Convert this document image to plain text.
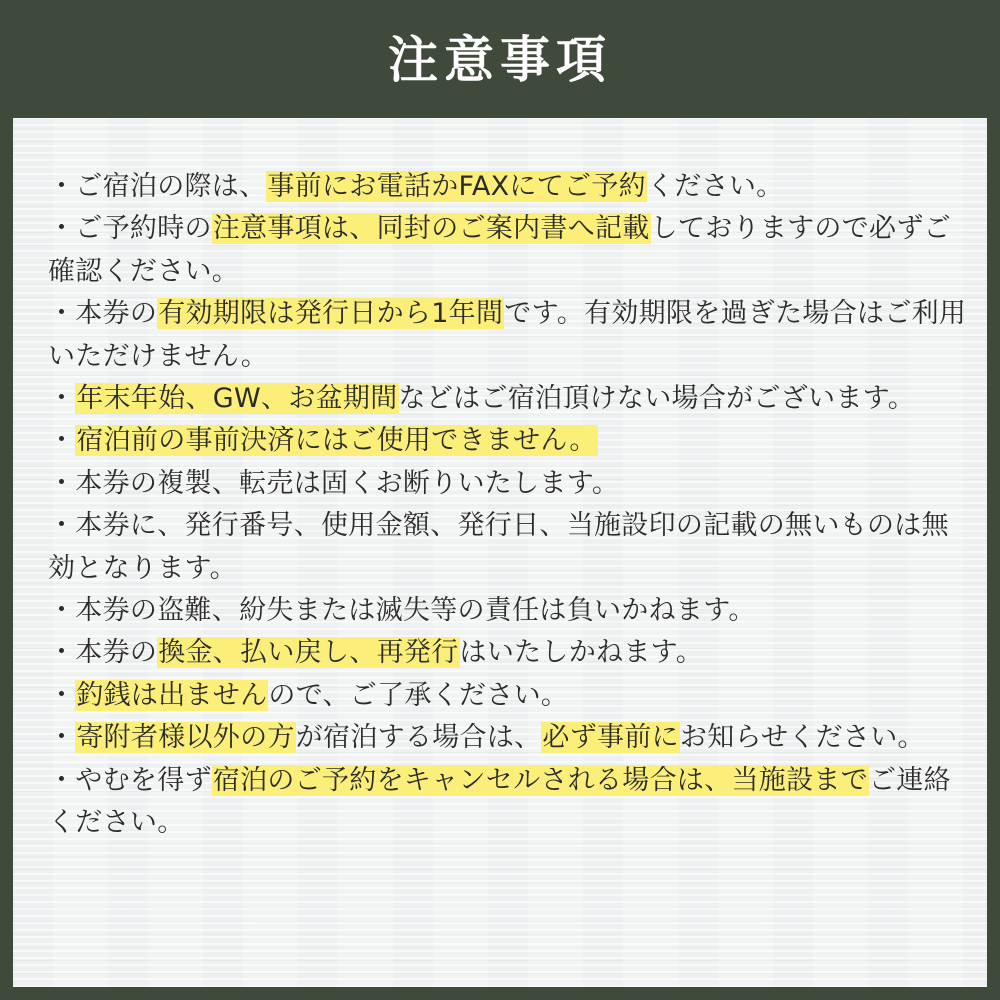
注意事項
・ご宿泊の際は、事前にお電話かFAXにてご予約ください。
・ご予約時の注意事項は、同封のご案内書へ記載しておりますので必ずご確認ください。
・本券の有効期限は発行日から1年間です。有効期限を過ぎた場合はご利用いただけません。
・年末年始、GW、お盆期間などはご宿泊頂けない場合がございます。
・宿泊前の事前決済にはご使用できません。
・本券の複製、転売は固くお断りいたします。
・本券に、発行番号、使用金額、発行日、当施設印の記載の無いものは無効となります。
・本券の盗難、紛失または滅失等の責任は負いかねます。
・本券の換金、払い戻し、再発行はいたしかねます。
・釣銭は出ませんので、ご了承ください。
・寄附者様以外の方が宿泊する場合は、必ず事前にお知らせください。
・やむを得ず宿泊のご予約をキャンセルされる場合は、当施設までご連絡ください。
